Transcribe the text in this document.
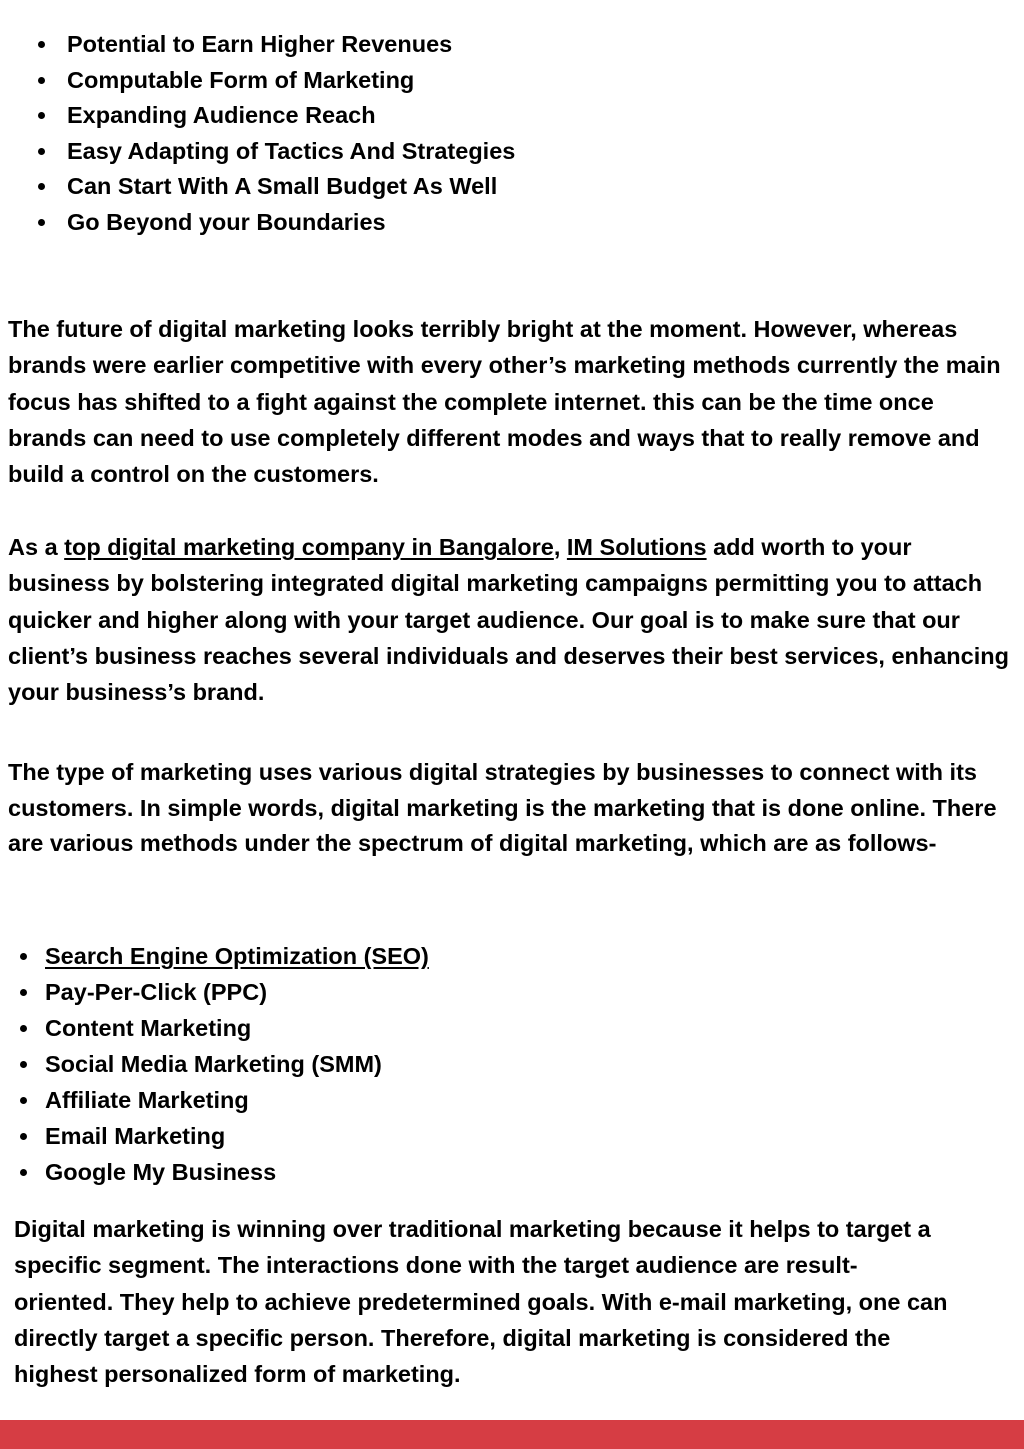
Potential to Earn Higher Revenues
Computable Form of Marketing
Expanding Audience Reach
Easy Adapting of Tactics And Strategies
Can Start With A Small Budget As Well
Go Beyond your Boundaries

The future of digital marketing looks terribly bright at the moment. However, whereas brands were earlier competitive with every other’s marketing methods currently the main focus has shifted to a fight against the complete internet. this can be the time once brands can need to use completely different modes and ways that to really remove and build a control on the customers.

As a top digital marketing company in Bangalore, IM Solutions add worth to your business by bolstering integrated digital marketing campaigns permitting you to attach quicker and higher along with your target audience. Our goal is to make sure that our client’s business reaches several individuals and deserves their best services, enhancing your business’s brand.

The type of marketing uses various digital strategies by businesses to connect with its customers. In simple words, digital marketing is the marketing that is done online. There are various methods under the spectrum of digital marketing, which are as follows-

Search Engine Optimization (SEO)
Pay-Per-Click (PPC)
Content Marketing
Social Media Marketing (SMM)
Affiliate Marketing
Email Marketing
Google My Business

Digital marketing is winning over traditional marketing because it helps to target a specific segment. The interactions done with the target audience are result-oriented. They help to achieve predetermined goals. With e-mail marketing, one can directly target a specific person. Therefore, digital marketing is considered the highest personalized form of marketing.
